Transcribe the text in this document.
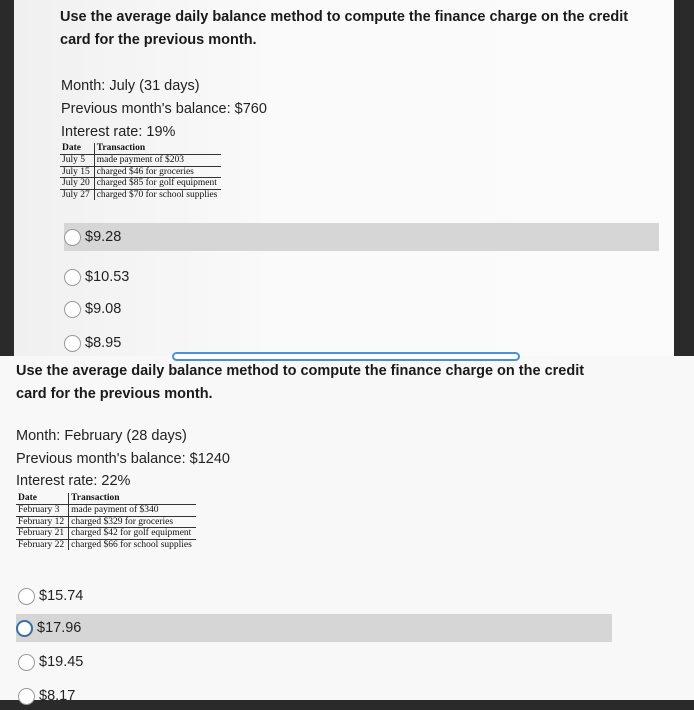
Use the average daily balance method to compute the finance charge on the credit
card for the previous month.
Month: July (31 days)
Previous month's balance: $760
Interest rate: 19%
Date	Transaction
July 5	made payment of $203
July 15	charged $46 for groceries
July 20	charged $85 for golf equipment
July 27	charged $70 for school supplies
$9.28
$10.53
$9.08
$8.95
Use the average daily balance method to compute the finance charge on the credit
card for the previous month.
Month: February (28 days)
Previous month's balance: $1240
Interest rate: 22%
Date	Transaction
February 3	made payment of $340
February 12	charged $329 for groceries
February 21	charged $42 for golf equipment
February 22	charged $66 for school supplies
$15.74
$17.96
$19.45
$8.17
